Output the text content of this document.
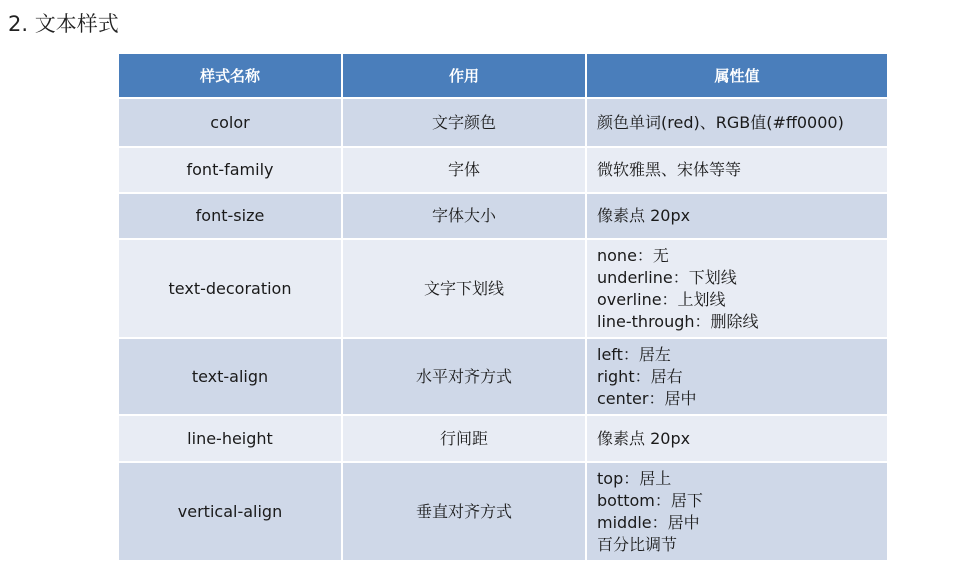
2. 文本样式
样式名称	作用	属性值
color	文字颜色	颜色单词(red)、RGB值(#ff0000)

font-family	字体	微软雅黑、宋体等等

font-size	字体大小	像素点 20px

text-decoration	文字下划线	none：无
underline：下划线
overline：上划线
line-through：删除线

text-align	水平对齐方式	left：居左
right：居右
center：居中

line-height	行间距	像素点 20px

vertical-align	垂直对齐方式	top：居上
bottom：居下
middle：居中
百分比调节
